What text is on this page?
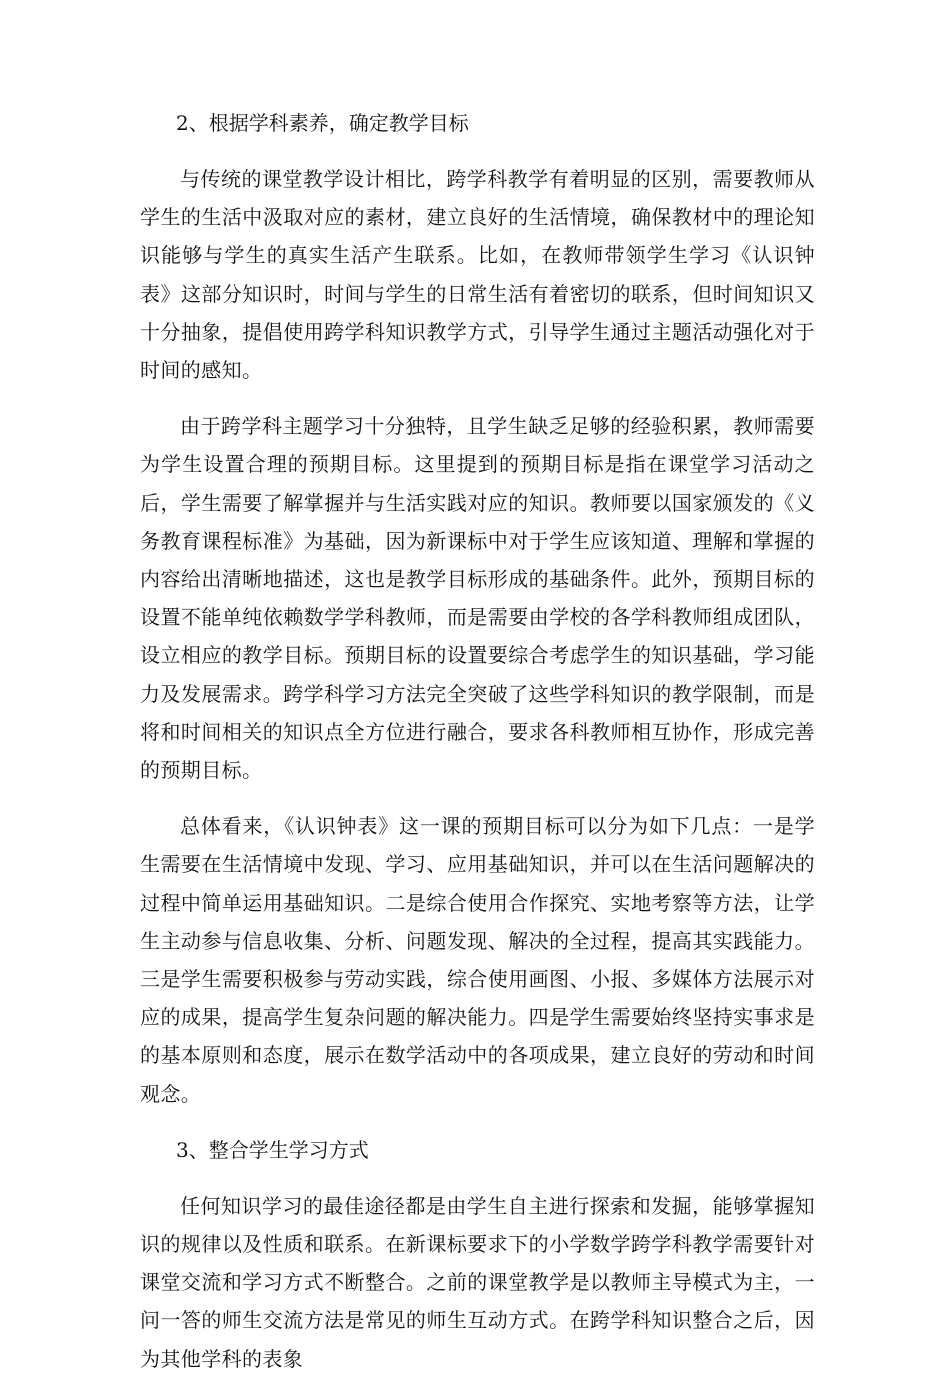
2、根据学科素养，确定教学目标

与传统的课堂教学设计相比，跨学科教学有着明显的区别，需要教师从学生的生活中汲取对应的素材，建立良好的生活情境，确保教材中的理论知识能够与学生的真实生活产生联系。比如，在教师带领学生学习《认识钟表》这部分知识时，时间与学生的日常生活有着密切的联系，但时间知识又十分抽象，提倡使用跨学科知识教学方式，引导学生通过主题活动强化对于时间的感知。

由于跨学科主题学习十分独特，且学生缺乏足够的经验积累，教师需要为学生设置合理的预期目标。这里提到的预期目标是指在课堂学习活动之后，学生需要了解掌握并与生活实践对应的知识。教师要以国家颁发的《义务教育课程标准》为基础，因为新课标中对于学生应该知道、理解和掌握的内容给出清晰地描述，这也是教学目标形成的基础条件。此外，预期目标的设置不能单纯依赖数学学科教师，而是需要由学校的各学科教师组成团队，设立相应的教学目标。预期目标的设置要综合考虑学生的知识基础，学习能力及发展需求。跨学科学习方法完全突破了这些学科知识的教学限制，而是将和时间相关的知识点全方位进行融合，要求各科教师相互协作，形成完善的预期目标。

总体看来，《认识钟表》这一课的预期目标可以分为如下几点：一是学生需要在生活情境中发现、学习、应用基础知识，并可以在生活问题解决的过程中简单运用基础知识。二是综合使用合作探究、实地考察等方法，让学生主动参与信息收集、分析、问题发现、解决的全过程，提高其实践能力。三是学生需要积极参与劳动实践，综合使用画图、小报、多媒体方法展示对应的成果，提高学生复杂问题的解决能力。四是学生需要始终坚持实事求是的基本原则和态度，展示在数学活动中的各项成果，建立良好的劳动和时间观念。

3、整合学生学习方式

任何知识学习的最佳途径都是由学生自主进行探索和发掘，能够掌握知识的规律以及性质和联系。在新课标要求下的小学数学跨学科教学需要针对课堂交流和学习方式不断整合。之前的课堂教学是以教师主导模式为主，一问一答的师生交流方法是常见的师生互动方式。在跨学科知识整合之后，因为其他学科的表象
